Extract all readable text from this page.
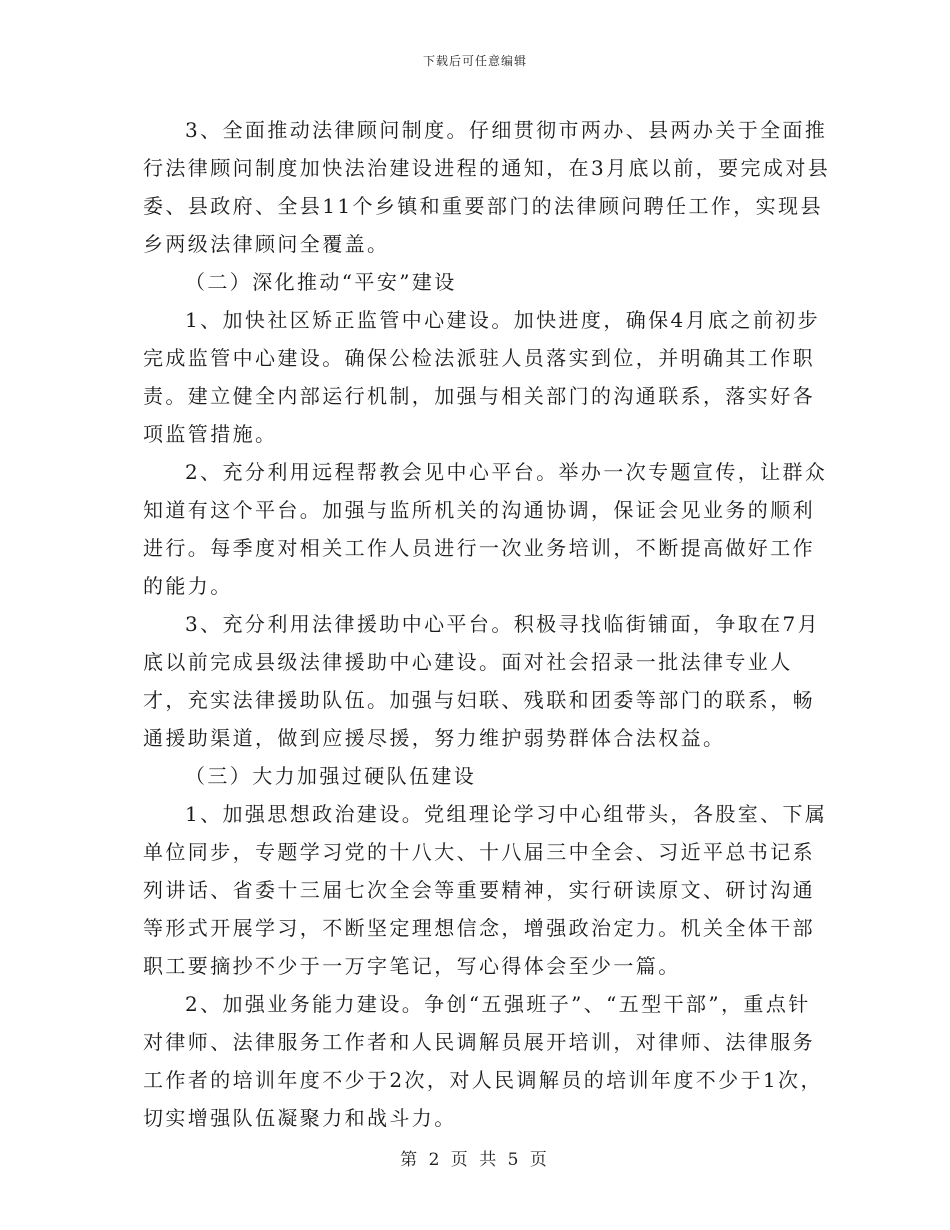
下载后可任意编辑

3、全面推动法律顾问制度。仔细贯彻市两办、县两办关于全面推行法律顾问制度加快法治建设进程的通知，在3月底以前，要完成对县委、县政府、全县11个乡镇和重要部门的法律顾问聘任工作，实现县乡两级法律顾问全覆盖。

（二）深化推动“平安”建设

1、加快社区矫正监管中心建设。加快进度，确保4月底之前初步完成监管中心建设。确保公检法派驻人员落实到位，并明确其工作职责。建立健全内部运行机制，加强与相关部门的沟通联系，落实好各项监管措施。

2、充分利用远程帮教会见中心平台。举办一次专题宣传，让群众知道有这个平台。加强与监所机关的沟通协调，保证会见业务的顺利进行。每季度对相关工作人员进行一次业务培训，不断提高做好工作的能力。

3、充分利用法律援助中心平台。积极寻找临街铺面，争取在7月底以前完成县级法律援助中心建设。面对社会招录一批法律专业人才，充实法律援助队伍。加强与妇联、残联和团委等部门的联系，畅通援助渠道，做到应援尽援，努力维护弱势群体合法权益。

（三）大力加强过硬队伍建设

1、加强思想政治建设。党组理论学习中心组带头，各股室、下属单位同步，专题学习党的十八大、十八届三中全会、习近平总书记系列讲话、省委十三届七次全会等重要精神，实行研读原文、研讨沟通等形式开展学习，不断坚定理想信念，增强政治定力。机关全体干部职工要摘抄不少于一万字笔记，写心得体会至少一篇。

2、加强业务能力建设。争创“五强班子”、“五型干部”，重点针对律师、法律服务工作者和人民调解员展开培训，对律师、法律服务工作者的培训年度不少于2次，对人民调解员的培训年度不少于1次，切实增强队伍凝聚力和战斗力。

第 2 页 共 5 页
